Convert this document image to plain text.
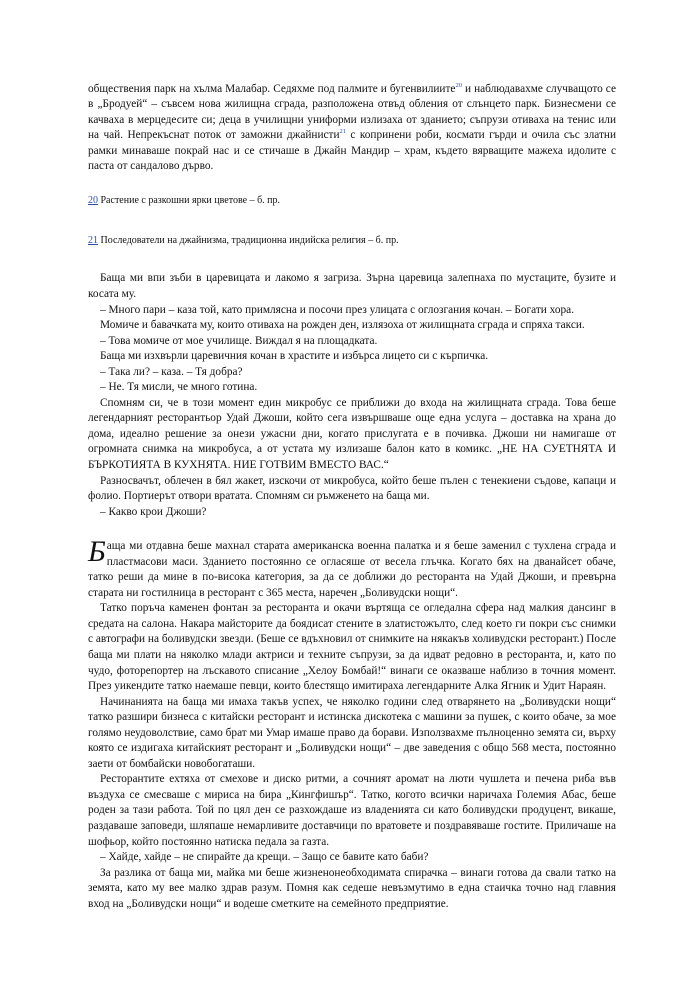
обществения парк на хълма Малабар. Седяхме под палмите и бугенвилиите$^{20}$ и наблюдавахме случващото се в „Бродуей“ – съвсем нова жилищна сграда, разположена отвъд обления от слънцето парк. Бизнесмени се качваха в мерцедесите си; деца в училищни униформи излизаха от зданието; съпрузи отиваха на тенис или на чай. Непрекъснат поток от заможни джайнисти$^{21}$ с копринени роби, космати гърди и очила със златни рамки минаваше покрай нас и се стичаше в Джайн Мандир – храм, където вярващите мажеха идолите с паста от сандалово дърво.

20 Растение с разкошни ярки цветове – б. пр.

21 Последователи на джайнизма, традиционна индийска религия – б. пр.

Баща ми впи зъби в царевицата и лакомо я загриза. Зърна царевица залепнаха по мустаците, бузите и косата му.

– Много пари – каза той, като примлясна и посочи през улицата с оглозгания кочан. – Богати хора.

Момиче и бавачката му, които отиваха на рожден ден, излязоха от жилищната сграда и спряха такси.

– Това момиче от мое училище. Виждал я на площадката.

Баща ми изхвърли царевичния кочан в храстите и избърса лицето си с кърпичка.

– Така ли? – каза. – Тя добра?

– Не. Тя мисли, че много готина.

Спомням си, че в този момент един микробус се приближи до входа на жилищната сграда. Това беше легендарният ресторантьор Удай Джоши, който сега извършваше още една услуга – доставка на храна до дома, идеално решение за онези ужасни дни, когато прислугата е в почивка. Джоши ни намигаше от огромната снимка на микробуса, а от устата му излизаше балон като в комикс. „НЕ НА СУЕТНЯТА И БЪРКОТИЯТА В КУХНЯТА. НИЕ ГОТВИМ ВМЕСТО ВАС.“

Разносвачът, облечен в бял жакет, изскочи от микробуса, който беше пълен с тенекиени съдове, капаци и фолио. Портиерът отвори вратата. Спомням си ръмженето на баща ми.

– Какво крои Джоши?

Баща ми отдавна беше махнал старата американска военна палатка и я беше заменил с тухлена сграда и пластмасови маси. Зданието постоянно се огласяше от весела глъчка. Когато бях на дванайсет обаче, татко реши да мине в по-висока категория, за да се доближи до ресторанта на Удай Джоши, и превърна старата ни гостилница в ресторант с 365 места, наречен „Боливудски нощи“.

Татко поръча каменен фонтан за ресторанта и окачи въртяща се огледална сфера над малкия дансинг в средата на салона. Накара майсторите да боядисат стените в златистожълто, след което ги покри със снимки с автографи на боливудски звезди. (Беше се вдъхновил от снимките на някакъв холивудски ресторант.) После баща ми плати на няколко млади актриси и техните съпрузи, за да идват редовно в ресторанта, и, като по чудо, фоторепортер на лъскавото списание „Хелоу Бомбай!“ винаги се оказваше наблизо в точния момент. През уикендите татко наемаше певци, които блестящо имитираха легендарните Алка Ягник и Удит Нараян.

Начинанията на баща ми имаха такъв успех, че няколко години след отварянето на „Боливудски нощи“ татко разшири бизнеса с китайски ресторант и истинска дискотека с машини за пушек, с които обаче, за мое голямо неудоволствие, само брат ми Умар имаше право да борави. Използвахме пълноценно земята си, върху която се издигаха китайският ресторант и „Боливудски нощи“ – две заведения с общо 568 места, постоянно заети от бомбайски новобогаташи.

Ресторантите ехтяха от смехове и диско ритми, а сочният аромат на люти чушлета и печена риба във въздуха се смесваше с мириса на бира „Кингфишър“. Татко, когото всички наричаха Големия Абас, беше роден за тази работа. Той по цял ден се разхождаше из владенията си като боливудски продуцент, викаше, раздаваше заповеди, шляпаше немарливите доставчици по вратовете и поздравяваше гостите. Приличаше на шофьор, който постоянно натиска педала за газта.

– Хайде, хайде – не спирайте да крещи. – Защо се бавите като баби?

За разлика от баща ми, майка ми беше жизненонеобходимата спирачка – винаги готова да свали татко на земята, като му вее малко здрав разум. Помня как седеше невъзмутимо в една стаичка точно над главния вход на „Боливудски нощи“ и водеше сметките на семейното предприятие.
